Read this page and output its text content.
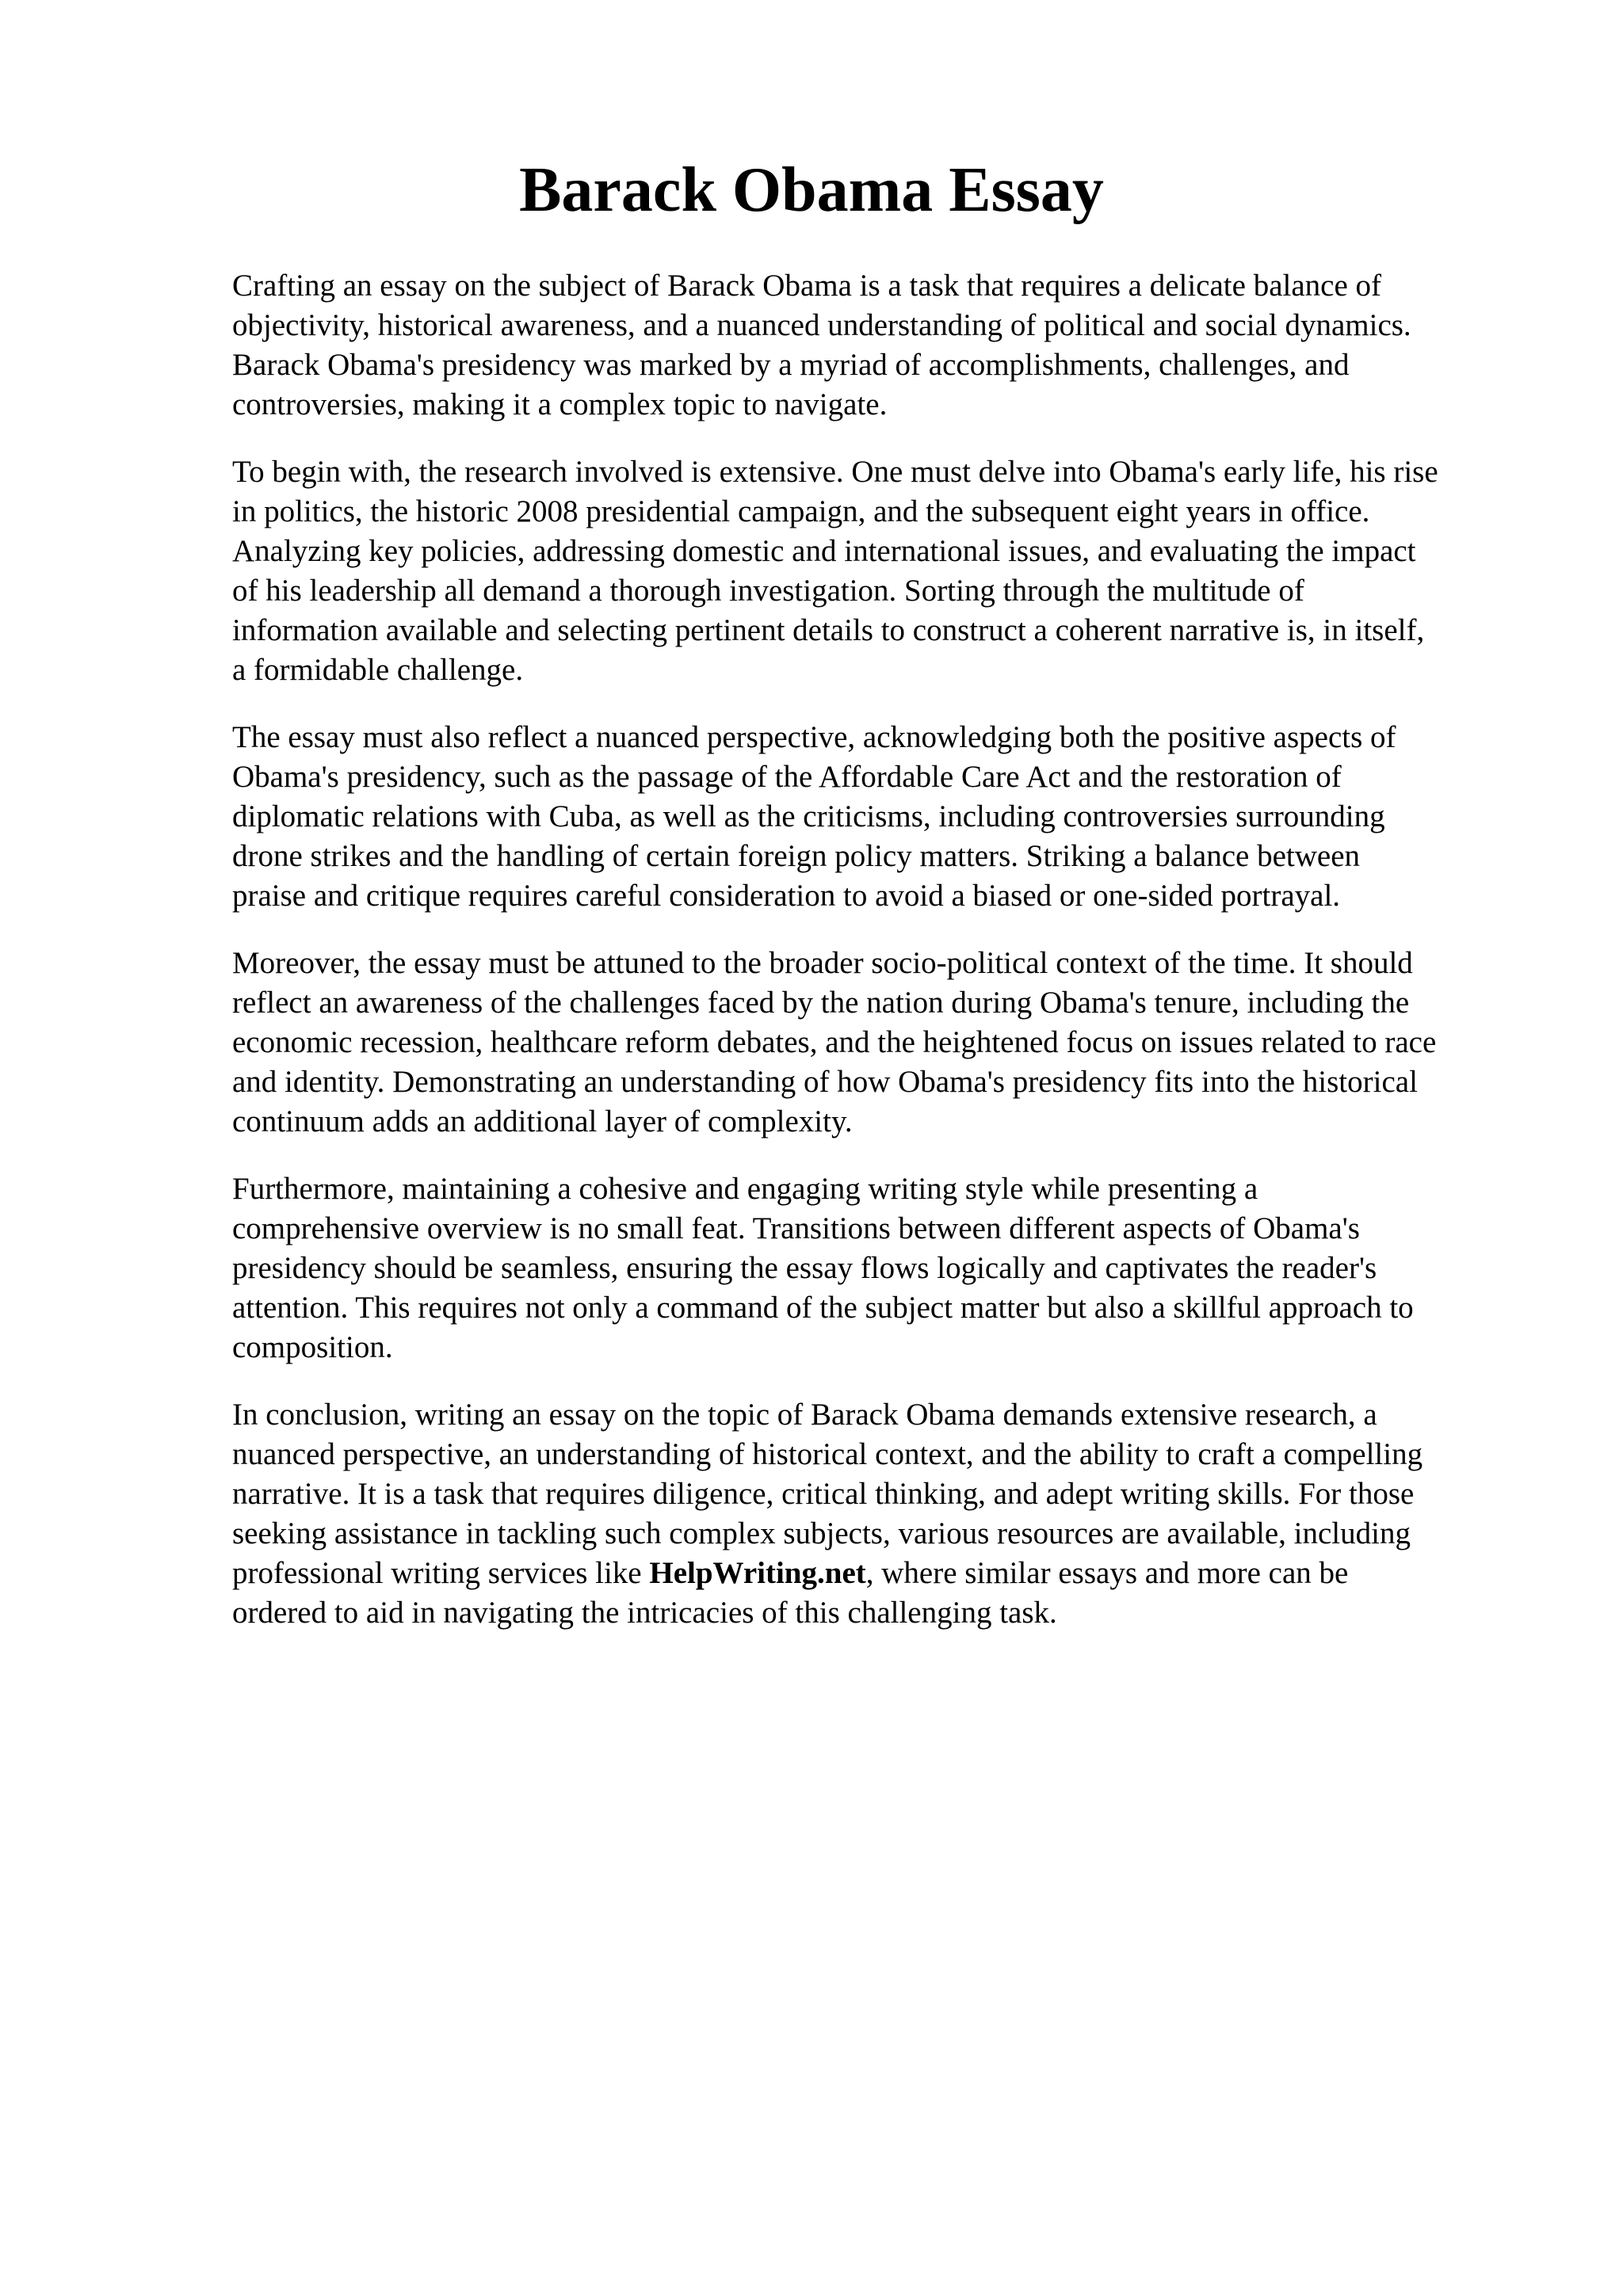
Barack Obama Essay

Crafting an essay on the subject of Barack Obama is a task that requires a delicate balance of
objectivity, historical awareness, and a nuanced understanding of political and social dynamics.
Barack Obama's presidency was marked by a myriad of accomplishments, challenges, and
controversies, making it a complex topic to navigate.

To begin with, the research involved is extensive. One must delve into Obama's early life, his rise
in politics, the historic 2008 presidential campaign, and the subsequent eight years in office.
Analyzing key policies, addressing domestic and international issues, and evaluating the impact
of his leadership all demand a thorough investigation. Sorting through the multitude of
information available and selecting pertinent details to construct a coherent narrative is, in itself,
a formidable challenge.

The essay must also reflect a nuanced perspective, acknowledging both the positive aspects of
Obama's presidency, such as the passage of the Affordable Care Act and the restoration of
diplomatic relations with Cuba, as well as the criticisms, including controversies surrounding
drone strikes and the handling of certain foreign policy matters. Striking a balance between
praise and critique requires careful consideration to avoid a biased or one-sided portrayal.

Moreover, the essay must be attuned to the broader socio-political context of the time. It should
reflect an awareness of the challenges faced by the nation during Obama's tenure, including the
economic recession, healthcare reform debates, and the heightened focus on issues related to race
and identity. Demonstrating an understanding of how Obama's presidency fits into the historical
continuum adds an additional layer of complexity.

Furthermore, maintaining a cohesive and engaging writing style while presenting a
comprehensive overview is no small feat. Transitions between different aspects of Obama's
presidency should be seamless, ensuring the essay flows logically and captivates the reader's
attention. This requires not only a command of the subject matter but also a skillful approach to
composition.

In conclusion, writing an essay on the topic of Barack Obama demands extensive research, a
nuanced perspective, an understanding of historical context, and the ability to craft a compelling
narrative. It is a task that requires diligence, critical thinking, and adept writing skills. For those
seeking assistance in tackling such complex subjects, various resources are available, including
professional writing services like HelpWriting.net, where similar essays and more can be
ordered to aid in navigating the intricacies of this challenging task.
